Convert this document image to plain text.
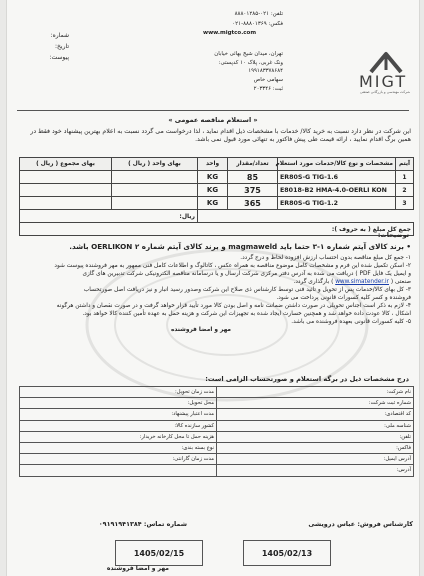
تلفن: ۰۲۱-۸۸۸۰۱۲۸۵
فکس: ۸۸۸۰۱۳۶۹-۰۲۱
www.migtco.com
شماره:
تاریخ:
پیوست:	تهران، میدان شیخ بهائی خیابان
ونک غربی، پلاک ۱۰ کدپستی:
۱۹۹۱۸۳۳۷۸۶۸۴
سهامی خاص
ثبت: ۲۰۳۳۴۶	MIGT
شرکت مهندسی و بازرگانی صنعتی
« استعلام مناقصه عمومی »
این شرکت در نظر دارد نسبت به خرید کالا/ خدمات با مشخصات ذیل اقدام نماید ، لذا درخواست می گردد نسبت به اعلام بهترین پیشنهاد خود فقط در همین برگ اقدام نمایید ، ارائه قیمت طی پیش فاکتور به تنهائی مورد قبول نمی باشد.
آیتم	مشخصات و نوع کالا/خدمات مورد استعلام	تعداد/مقدار	واحد	بهای واحد ( ریال )	بهای مجموع ( ریال )
1	ER80S-G TIG-1.6	85	KG		
2	E8018-B2 HMA-4.0-OERLI KON	375	KG		
3	ER80S-G TIG-1.2	365	KG		
				ریال:	
جمع کل مبلغ ( به حروف ):					
توضیحات:
• برند کالای آیتم شماره ۱-۳ حتما باید magmaweld و برند کالای آیتم شماره ۲ OERLIKON باشد.

۱- جمع کل مبلغ مناقصه بدون احتساب ارزش افزوده لحاظ و درج گردد.

۲- اسکن تکمیل شده این فرم و مشخصات کامل موضوع مناقصه به همراه عکس ، کاتالوگ و اطلاعات کامل فنی ممهور به مهر فروشنده پیوست شود

و ایمیل یک فایل PDF ) دریافت می شده به آدرس دفتر مرکزی شرکت ارسال و یا درسامانه مناقصه الکترونیکی شرکت تدبیرین های گازی

صنعتی ( www.simatender.ir ) بارگذاری گردد.

۳- کل بهای کالا/خدمات پس از تحویل و تائید فنی توسط کارشناس ذی صلاح این شرکت وصدور رسید انبار و نیز دریافت اصل صورتحساب

فروشنده و کسر کلیه کسورات قانونی پرداخت می شود.

۴- لازم به ذکر است اجناس تحویلی در صورت داشتن ضمانت نامه و اصل بودن کالا مورد تأیید قرار خواهد گرفت و در صورت نقصان و داشتن هرگونه

اشکال ، کالا عودت داده خواهد شد و همچنین خسارت ایجاد شده به تجهیزات این شرکت و هزینه حمل به عهده تأمین کننده کالا خواهد بود.

۵- کلیه کسورات قانونی بعهده فروشنده می باشد.

مهر و امضا فروشنده

درج مشخصات ذیل در برگه استعلام و صورتحساب الزامی است:
نام شرکت:	مدت زمان تحویل:
شماره ثبت شرکت:	محل تحویل:
کد اقتصادی:	مدت اعتبار پیشنهاد:
شناسه ملی:	کشور سازنده کالا:
تلفن:	هزینه حمل تا محل کارخانه خریدار:
فاکس:	نوع بسته بندی:
آدرس ایمیل:	مدت زمان گارانتی:
آدرس:	
کارشناس فروش: عباس درویشی
شماره تماس: ۰۹۱۹۱۹۴۱۳۸۴
1405/02/13
1405/02/15
مهر و امضا فروشنده
